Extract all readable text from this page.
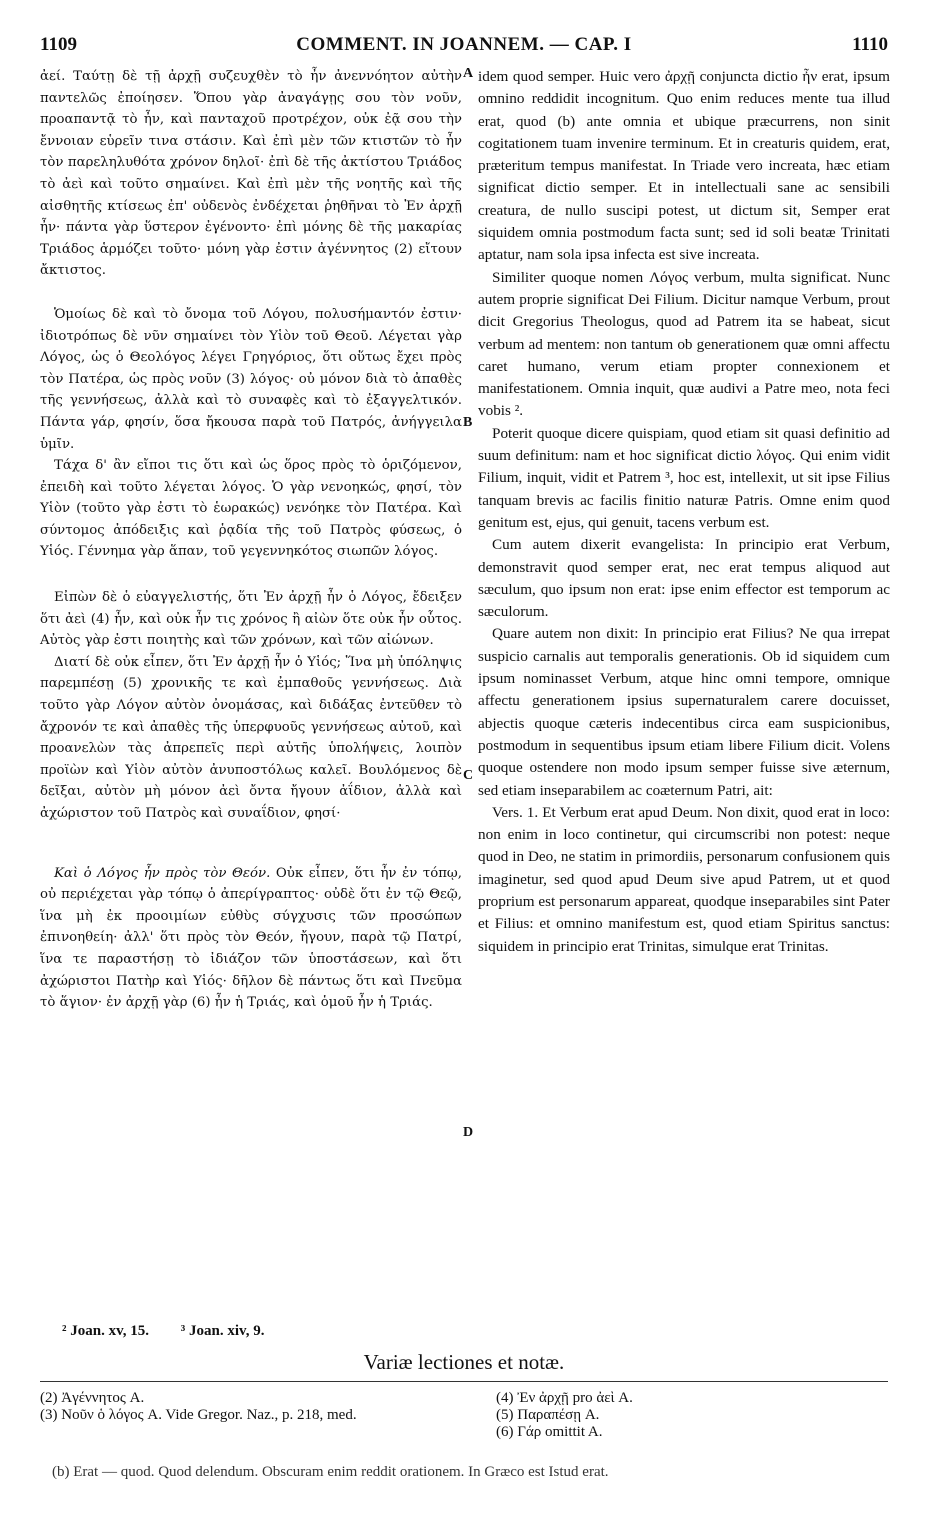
1109	COMMENT. IN JOANNEM. — CAP. I	1110

ἀεί. Ταύτῃ δὲ τῇ ἀρχῇ συζευχθὲν τὸ ἦν ἀνεννόητον αὐτὴν παντελῶς ἐποίησεν. Ὅπου γὰρ ἀναγάγῃς σου τὸν νοῦν, προαπαντᾷ τὸ ἦν, καὶ πανταχοῦ προτρέχον, οὐκ ἐᾷ σου τὴν ἔννοιαν εὑρεῖν τινα στάσιν. Καὶ ἐπὶ μὲν τῶν κτιστῶν τὸ ἦν τὸν παρεληλυθότα χρόνον δηλοῖ· ἐπὶ δὲ τῆς ἀκτίστου Τριάδος τὸ ἀεὶ καὶ τοῦτο σημαίνει. Καὶ ἐπὶ μὲν τῆς νοητῆς καὶ τῆς αἰσθητῆς κτίσεως ἐπ' οὐδενὸς ἐνδέχεται ῥηθῆναι τὸ Ἐν ἀρχῇ ἦν· πάντα γὰρ ὕστερον ἐγένοντο· ἐπὶ μόνης δὲ τῆς μακαρίας Τριάδος ἁρμόζει τοῦτο· μόνη γὰρ ἐστιν ἀγέννητος (2) εἴτουν ἄκτιστος.

Ὁμοίως δὲ καὶ τὸ ὄνομα τοῦ Λόγου, πολυσήμαντόν ἐστιν· ἰδιοτρόπως δὲ νῦν σημαίνει τὸν Υἱὸν τοῦ Θεοῦ. Λέγεται γὰρ Λόγος, ὡς ὁ Θεολόγος λέγει Γρηγόριος, ὅτι οὕτως ἔχει πρὸς τὸν Πατέρα, ὡς πρὸς νοῦν (3) λόγος· οὐ μόνον διὰ τὸ ἀπαθὲς τῆς γεννήσεως, ἀλλὰ καὶ τὸ συναφὲς καὶ τὸ ἐξαγγελτικόν. Πάντα γάρ, φησίν, ὅσα ἤκουσα παρὰ τοῦ Πατρός, ἀνήγγειλα ὑμῖν.

Τάχα δ' ἂν εἴποι τις ὅτι καὶ ὡς ὅρος πρὸς τὸ ὁριζόμενον, ἐπειδὴ καὶ τοῦτο λέγεται λόγος. Ὁ γὰρ νενοηκώς, φησί, τὸν Υἱὸν (τοῦτο γὰρ ἐστι τὸ ἑωρακώς) νενόηκε τὸν Πατέρα. Καὶ σύντομος ἀπόδειξις καὶ ῥᾳδία τῆς τοῦ Πατρὸς φύσεως, ὁ Υἱός. Γέννημα γὰρ ἅπαν, τοῦ γεγεννηκότος σιωπῶν λόγος.

Εἰπὼν δὲ ὁ εὐαγγελιστής, ὅτι Ἐν ἀρχῇ ἦν ὁ Λόγος, ἔδειξεν ὅτι ἀεὶ (4) ἦν, καὶ οὐκ ἦν τις χρόνος ἢ αἰὼν ὅτε οὐκ ἦν οὗτος. Αὐτὸς γὰρ ἐστι ποιητὴς καὶ τῶν χρόνων, καὶ τῶν αἰώνων.

Διατί δὲ οὐκ εἶπεν, ὅτι Ἐν ἀρχῇ ἦν ὁ Υἱός; Ἵνα μὴ ὑπόληψις παρεμπέσῃ (5) χρονικῆς τε καὶ ἐμπαθοῦς γεννήσεως. Διὰ τοῦτο γὰρ Λόγον αὐτὸν ὀνομάσας, καὶ διδάξας ἐντεῦθεν τὸ ἄχρονόν τε καὶ ἀπαθὲς τῆς ὑπερφυοῦς γεννήσεως αὐτοῦ, καὶ προανελὼν τὰς ἀπρεπεῖς περὶ αὐτῆς ὑπολήψεις, λοιπὸν προϊὼν καὶ Υἱὸν αὐτὸν ἀνυποστόλως καλεῖ. Βουλόμενος δὲ δεῖξαι, αὐτὸν μὴ μόνον ἀεὶ ὄντα ἤγουν ἀΐδιον, ἀλλὰ καὶ ἀχώριστον τοῦ Πατρὸς καὶ συναΐδιον, φησί·

Καὶ ὁ Λόγος ἦν πρὸς τὸν Θεόν. Οὐκ εἶπεν, ὅτι ἦν ἐν τόπῳ, οὐ περιέχεται γὰρ τόπῳ ὁ ἀπερίγραπτος· οὐδὲ ὅτι ἐν τῷ Θεῷ, ἵνα μὴ ἐκ προοιμίων εὐθὺς σύγχυσις τῶν προσώπων ἐπινοηθείη· ἀλλ' ὅτι πρὸς τὸν Θεόν, ἤγουν, παρὰ τῷ Πατρί, ἵνα τε παραστήσῃ τὸ ἰδιάζον τῶν ὑποστάσεων, καὶ ὅτι ἀχώριστοι Πατὴρ καὶ Υἱός· δῆλον δὲ πάντως ὅτι καὶ Πνεῦμα τὸ ἅγιον· ἐν ἀρχῇ γὰρ (6) ἦν ἡ Τριάς, καὶ ὁμοῦ ἦν ἡ Τριάς.

idem quod semper. Huic vero ἀρχῇ conjuncta dictio ἦν erat, ipsum omnino reddidit incognitum. Quo enim reduces mente tua illud erat, quod (b) ante omnia et ubique præcurrens, non sinit cogitationem tuam invenire terminum. Et in creaturis quidem, erat, præteritum tempus manifestat. In Triade vero increata, hæc etiam significat dictio semper. Et in intellectuali sane ac sensibili creatura, de nullo suscipi potest, ut dictum sit, Semper erat siquidem omnia postmodum facta sunt; sed id soli beatæ Trinitati aptatur, nam sola ipsa infecta est sive increata.

Similiter quoque nomen Λόγος verbum, multa significat. Nunc autem proprie significat Dei Filium. Dicitur namque Verbum, prout dicit Gregorius Theologus, quod ad Patrem ita se habeat, sicut verbum ad mentem: non tantum ob generationem quæ omni affectu caret humano, verum etiam propter connexionem et manifestationem. Omnia inquit, quæ audivi a Patre meo, nota feci vobis ².

Poterit quoque dicere quispiam, quod etiam sit quasi definitio ad suum definitum: nam et hoc significat dictio λόγος. Qui enim vidit Filium, inquit, vidit et Patrem ³, hoc est, intellexit, ut sit ipse Filius tanquam brevis ac facilis finitio naturæ Patris. Omne enim quod genitum est, ejus, qui genuit, tacens verbum est.

Cum autem dixerit evangelista: In principio erat Verbum, demonstravit quod semper erat, nec erat tempus aliquod aut sæculum, quo ipsum non erat: ipse enim effector est temporum ac sæculorum.

Quare autem non dixit: In principio erat Filius? Ne qua irrepat suspicio carnalis aut temporalis generationis. Ob id siquidem cum ipsum nominasset Verbum, atque hinc omni tempore, omnique affectu generationem ipsius supernaturalem carere docuisset, abjectis quoque cæteris indecentibus circa eam suspicionibus, postmodum in sequentibus ipsum etiam libere Filium dicit. Volens quoque ostendere non modo ipsum semper fuisse sive æternum, sed etiam inseparabilem ac coæternum Patri, ait:

Vers. 1. Et Verbum erat apud Deum. Non dixit, quod erat in loco: non enim in loco continetur, qui circumscribi non potest: neque quod in Deo, ne statim in primordiis, personarum confusionem quis imaginetur, sed quod apud Deum sive apud Patrem, ut et quod proprium est personarum appareat, quodque inseparabiles sint Pater et Filius: et omnino manifestum est, quod etiam Spiritus sanctus: siquidem in principio erat Trinitas, simulque erat Trinitas.

A
B
C
D
² Joan. xv, 15. ³ Joan. xiv, 9.
Variæ lectiones et notæ.
(2) Ἀγέννητος A.
(3) Νοῦν ὁ λόγος A. Vide Gregor. Naz., p. 218, med.
(4) Ἐν ἀρχῇ pro ἀεὶ A.
(5) Παραπέσῃ A.
(6) Γάρ omittit A.
(b) Erat — quod. Quod delendum. Obscuram enim reddit orationem. In Græco est Istud erat.
